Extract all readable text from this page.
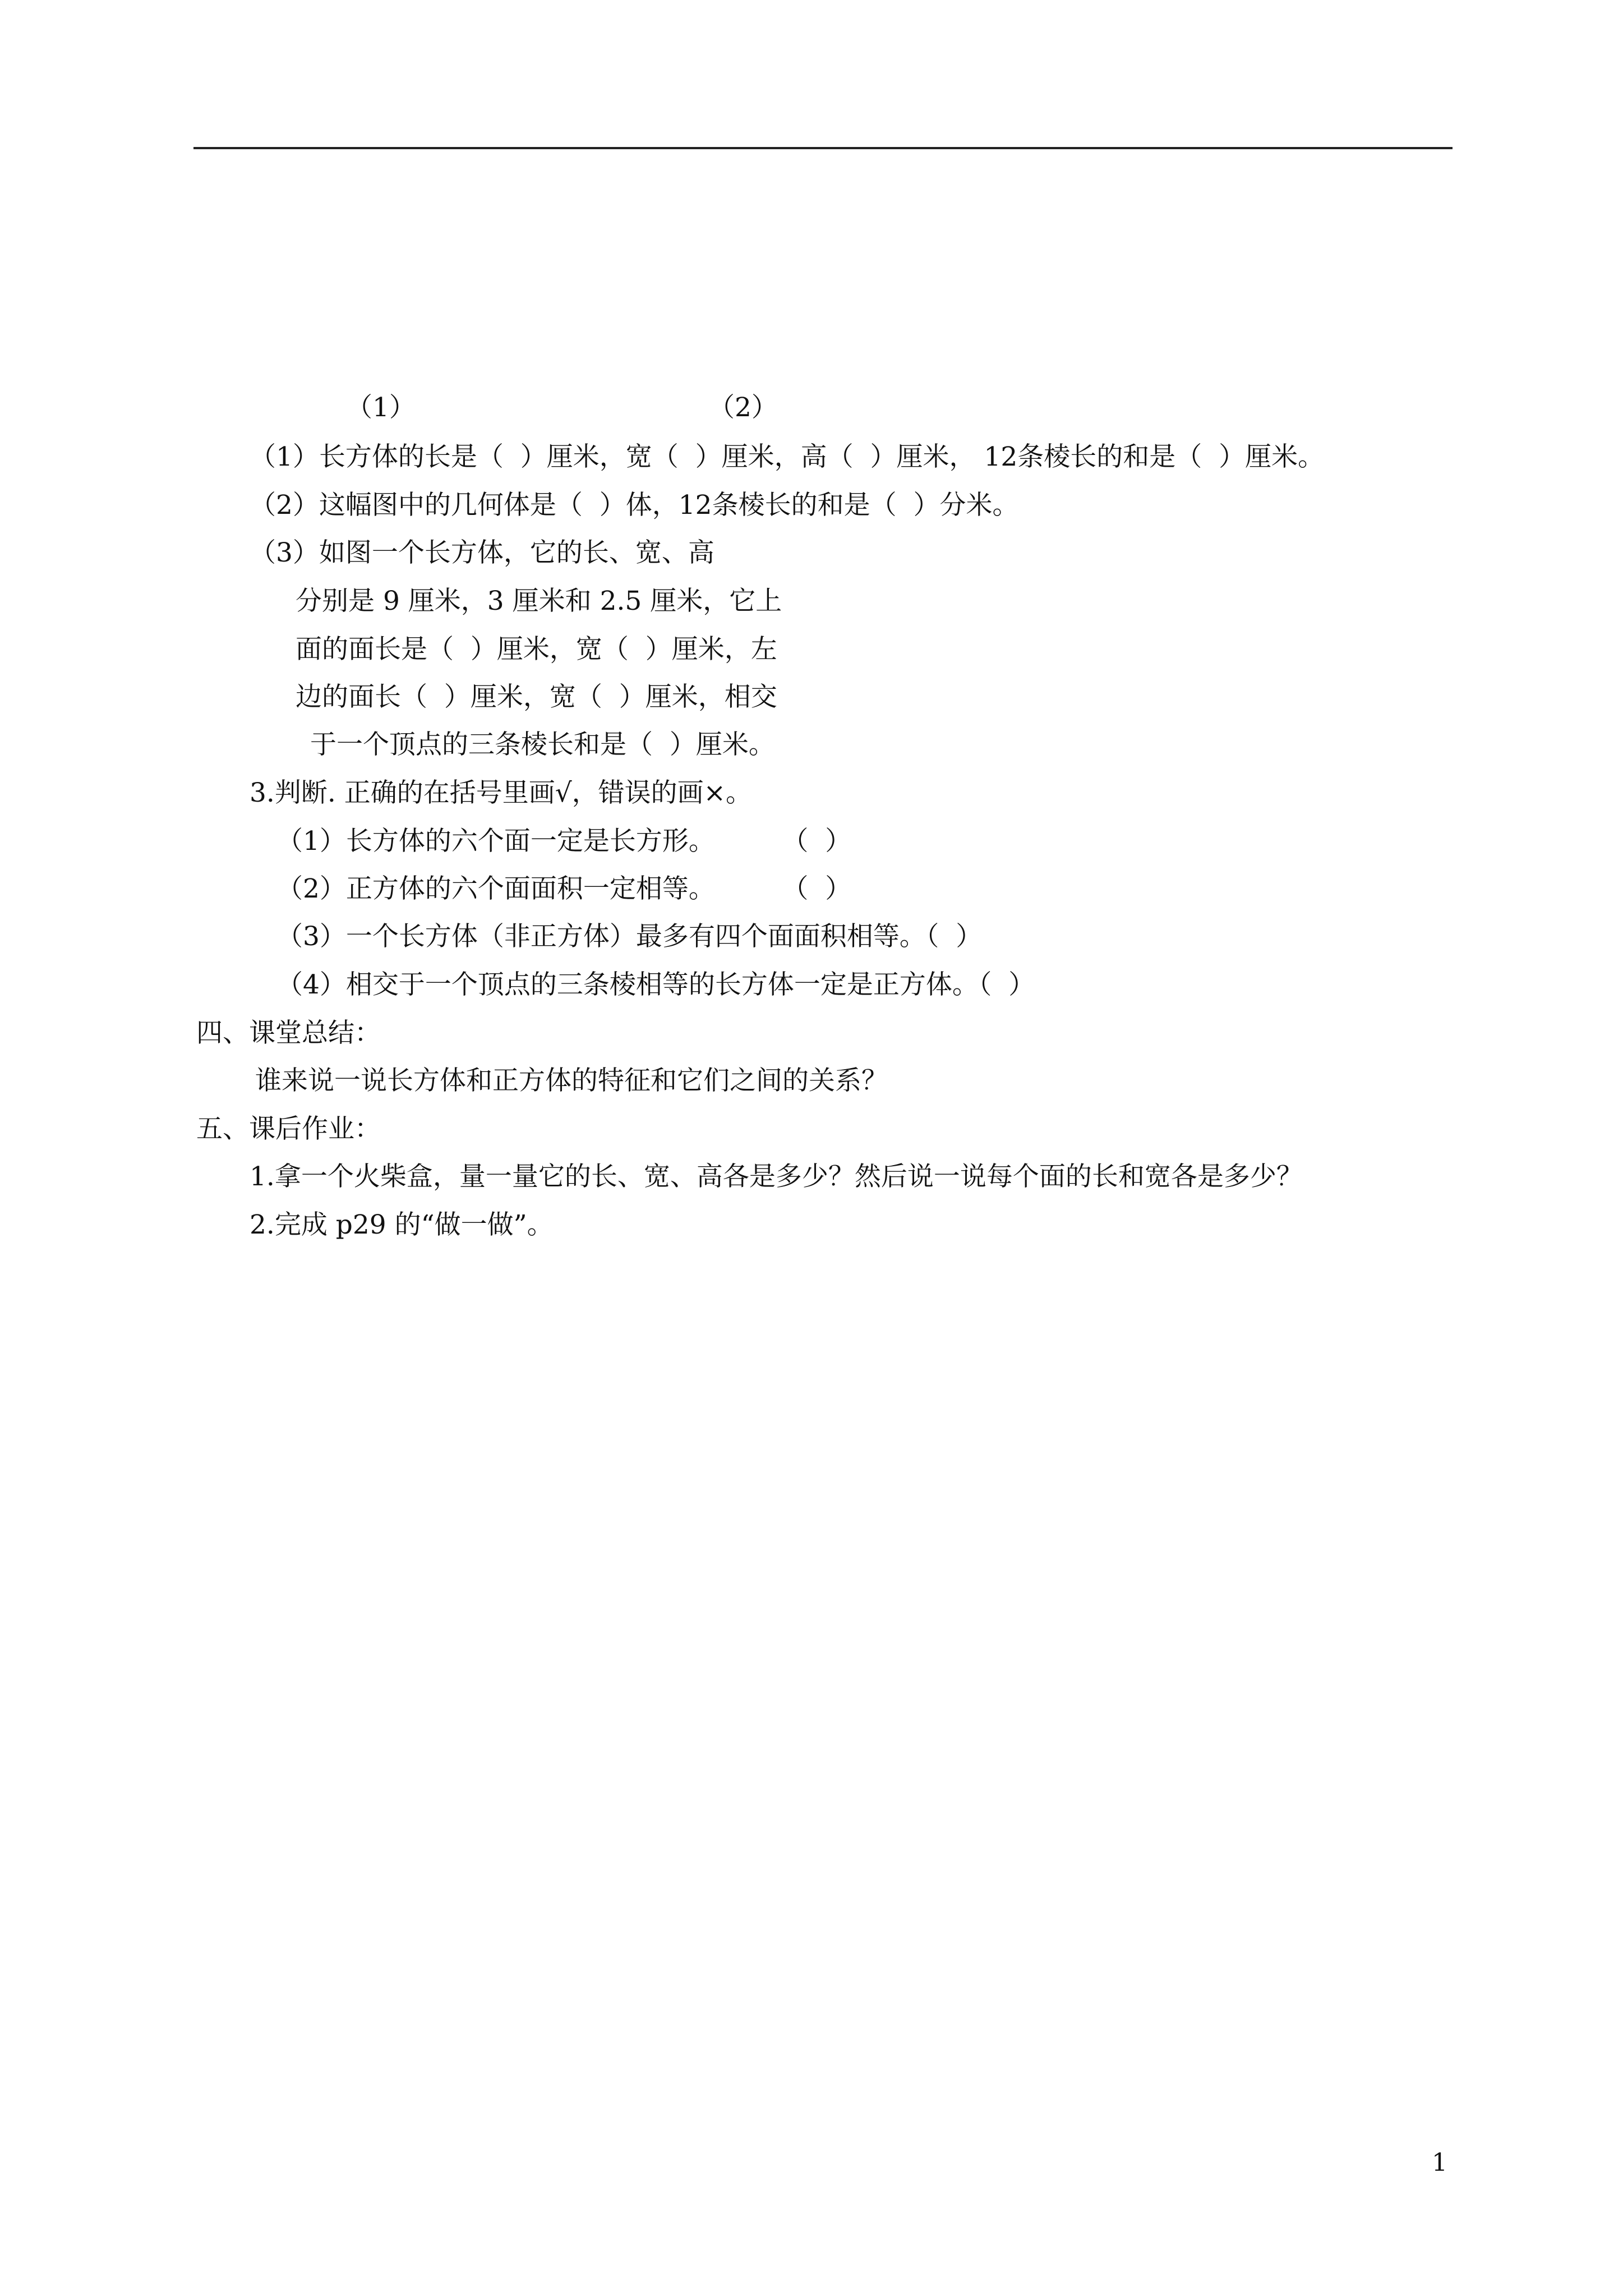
（1）	（2）
（1）长方体的长是（  ）厘米，宽（  ）厘米，高（  ）厘米， 12条棱长的和是（  ）厘米。
（2）这幅图中的几何体是（  ）体，12条棱长的和是（  ）分米。
（3）如图一个长方体，它的长、宽、高
分别是 9 厘米，3 厘米和 2.5 厘米，它上
面的面长是（  ）厘米，宽（  ）厘米，左
边的面长（  ）厘米，宽（  ）厘米，相交
于一个顶点的三条棱长和是（  ）厘米。
3.判断. 正确的在括号里画√，错误的画×。
（1）长方体的六个面一定是长方形。        （  ）
（2）正方体的六个面面积一定相等。        （  ）
（3）一个长方体（非正方体）最多有四个面面积相等。（  ）
（4）相交于一个顶点的三条棱相等的长方体一定是正方体。（  ）
四、课堂总结：
谁来说一说长方体和正方体的特征和它们之间的关系？
五、课后作业：
1.拿一个火柴盒，量一量它的长、宽、高各是多少？然后说一说每个面的长和宽各是多少？
2.完成 p29 的“做一做”。
1
